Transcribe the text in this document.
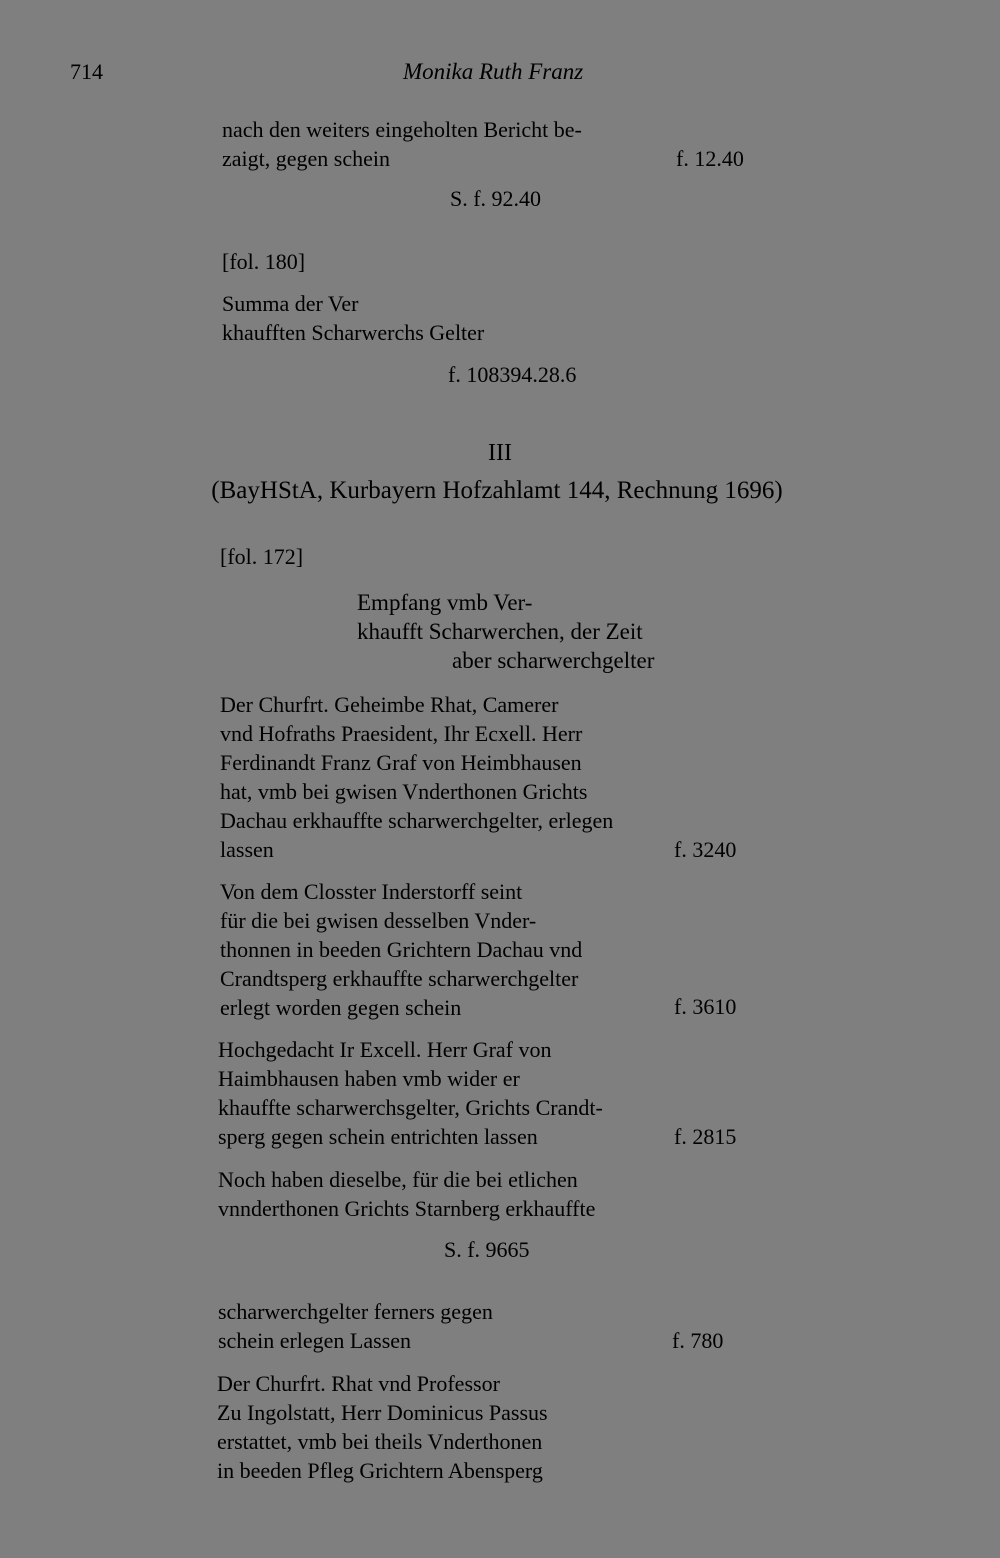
714	Monika Ruth Franz
nach den weiters eingeholten Bericht be-
zaigt, gegen schein	f. 12.40
S. f. 92.40
[fol. 180]
Summa der Ver
khaufften Scharwerchs Gelter
f. 108394.28.6
III
(BayHStA, Kurbayern Hofzahlamt 144, Rechnung 1696)
[fol. 172]
Empfang vmb Ver-
khaufft Scharwerchen, der Zeit
aber scharwerchgelter
Der Churfrt. Geheimbe Rhat, Camerer
vnd Hofraths Praesident, Ihr Ecxell. Herr
Ferdinandt Franz Graf von Heimbhausen
hat, vmb bei gwisen Vnderthonen Grichts
Dachau erkhauffte scharwerchgelter, erlegen
lassen	f. 3240
Von dem Closster Inderstorff seint
für die bei gwisen desselben Vnder-
thonnen in beeden Grichtern Dachau vnd
Crandtsperg erkhauffte scharwerchgelter
erlegt worden gegen schein	f. 3610
Hochgedacht Ir Excell. Herr Graf von
Haimbhausen haben vmb wider er
khauffte scharwerchsgelter, Grichts Crandt-
sperg gegen schein entrichten lassen	f. 2815
Noch haben dieselbe, für die bei etlichen
vnnderthonen Grichts Starnberg erkhauffte
S. f. 9665
scharwerchgelter ferners gegen
schein erlegen Lassen	f. 780
Der Churfrt. Rhat vnd Professor
Zu Ingolstatt, Herr Dominicus Passus
erstattet, vmb bei theils Vnderthonen
in beeden Pfleg Grichtern Abensperg
